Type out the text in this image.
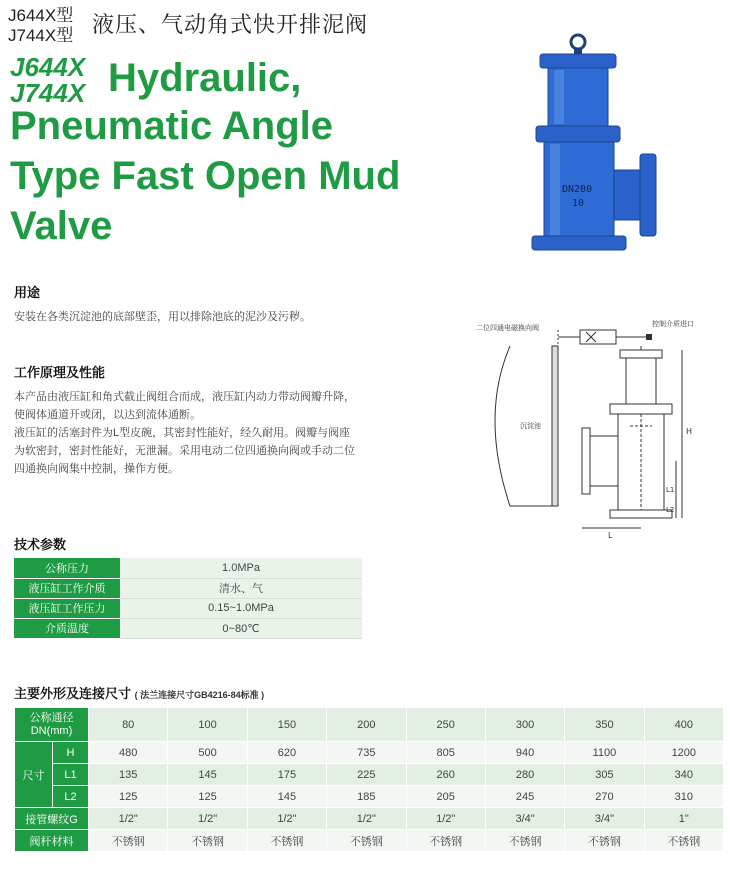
J644X型
J744X型 液压、气动角式快开排泥阀
J644X
J744X Hydraulic,
Pneumatic Angle
Type Fast Open Mud
Valve
DN200
10
用途
安装在各类沉淀池的底部壁歪，用以排除池底的泥沙及污秽。
工作原理及性能
本产品由液压缸和角式截止阀组合而成，液压缸内动力带动阀瓣升降，
使阀体通道开或闭，以达到流体通断。
液压缸的活塞封件为L型皮碗，其密封性能好，经久耐用。阀瓣与阀座
为软密封，密封性能好，无泄漏。采用电动二位四通换向阀或手动二位
四通换向阀集中控制，操作方便。
二位四通电磁换向阀	控制介质进口
沉淀池
H
L1
L2
L
技术参数
公称压力	1.0MPa
液压缸工作介质	清水、气
液压缸工作压力	0.15~1.0MPa
介质温度	0~80℃
主要外形及连接尺寸 ( 法兰连接尺寸GB4216-84标准 )
公称通径
DN(mm)		80	100	150	200	250	300	350	400
尺寸	H	480	500	620	735	805	940	1100	1200
	L1	135	145	175	225	260	280	305	340
	L2	125	125	145	185	205	245	270	310
接管螺纹G		1/2"	1/2"	1/2"	1/2"	1/2"	3/4"	3/4"	1"
阀杆材料		不锈钢	不锈钢	不锈钢	不锈钢	不锈钢	不锈钢	不锈钢	不锈钢
